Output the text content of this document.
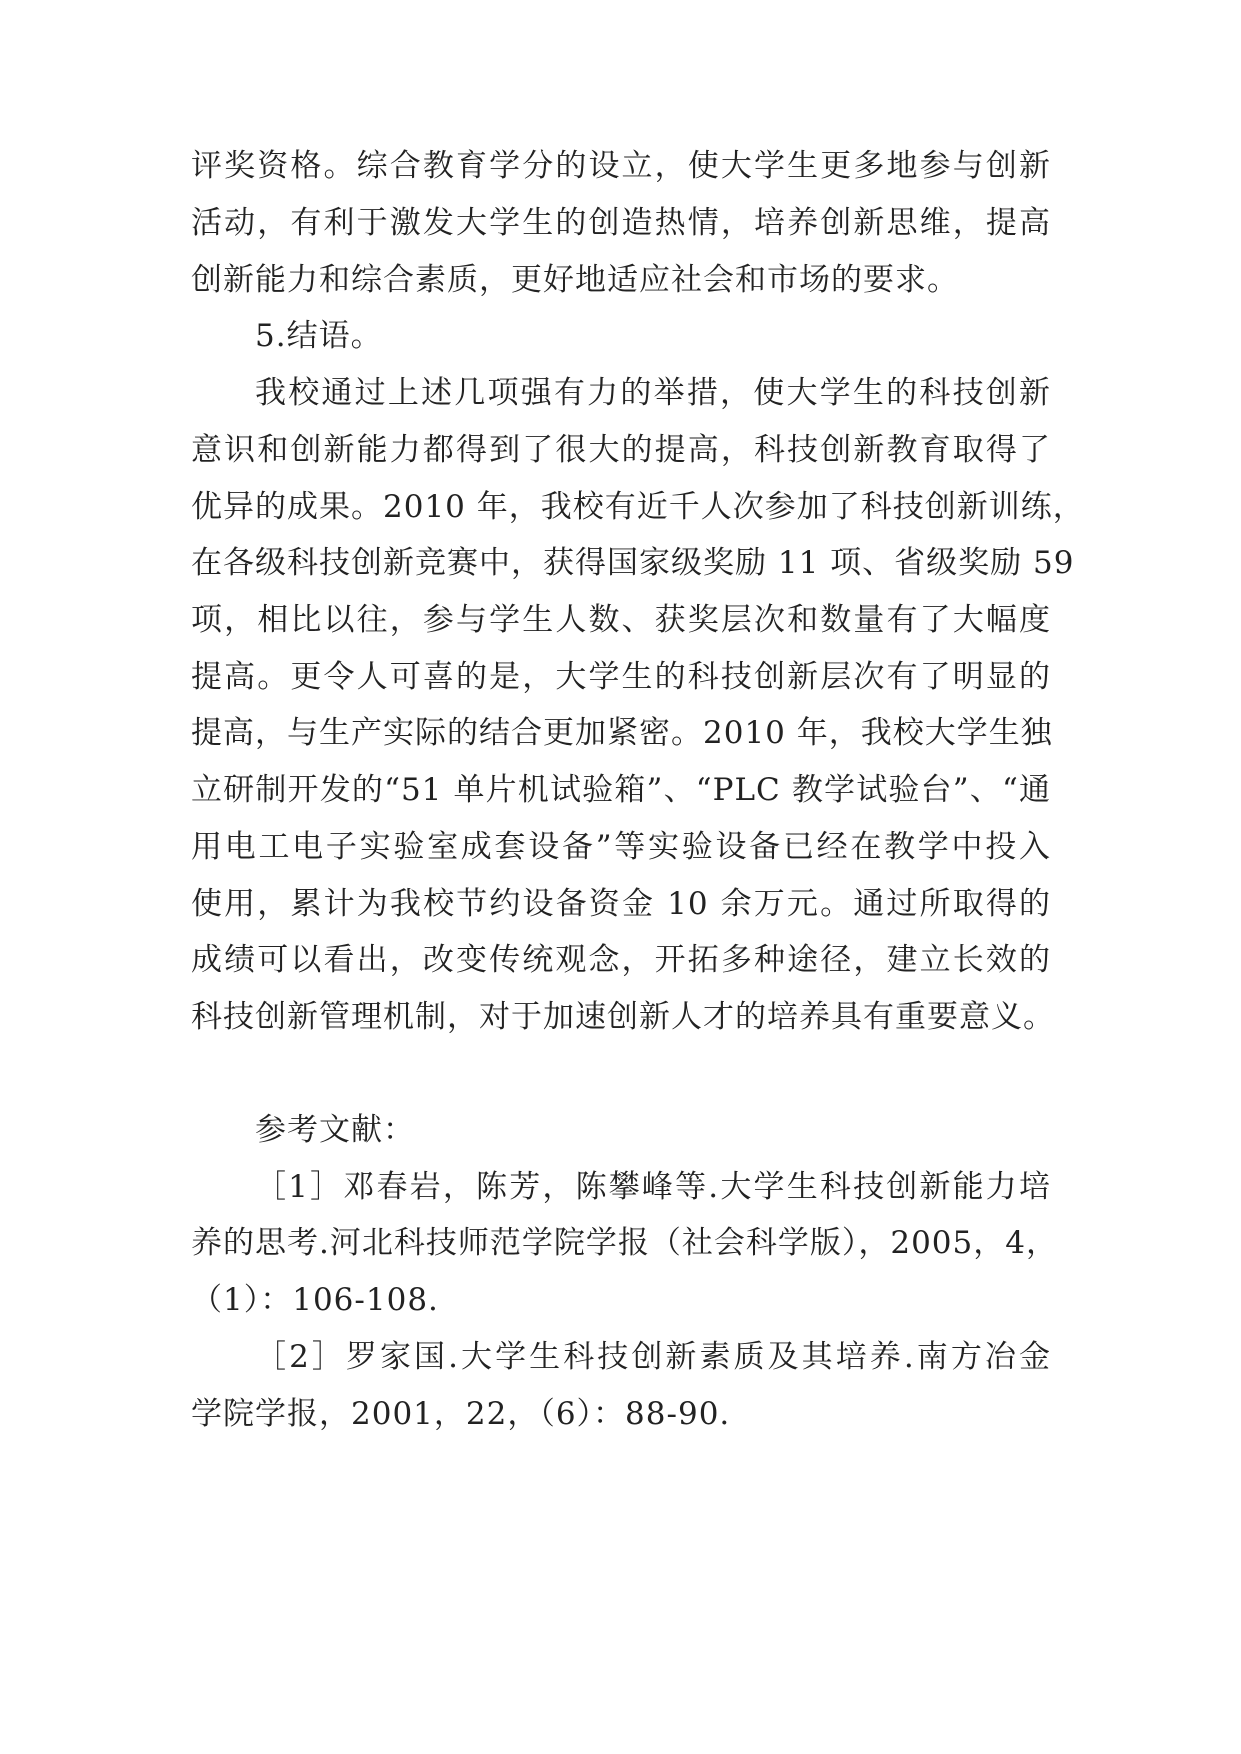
评奖资格。综合教育学分的设立，使大学生更多地参与创新
活动，有利于激发大学生的创造热情，培养创新思维，提高
创新能力和综合素质，更好地适应社会和市场的要求。
5.结语。
我校通过上述几项强有力的举措，使大学生的科技创新
意识和创新能力都得到了很大的提高，科技创新教育取得了
优异的成果。2010 年，我校有近千人次参加了科技创新训练，
在各级科技创新竞赛中，获得国家级奖励 11 项、省级奖励 59
项，相比以往，参与学生人数、获奖层次和数量有了大幅度
提高。更令人可喜的是，大学生的科技创新层次有了明显的
提高，与生产实际的结合更加紧密。2010 年，我校大学生独
立研制开发的“51 单片机试验箱”、“PLC 教学试验台”、“通
用电工电子实验室成套设备”等实验设备已经在教学中投入
使用，累计为我校节约设备资金 10 余万元。通过所取得的
成绩可以看出，改变传统观念，开拓多种途径，建立长效的
科技创新管理机制，对于加速创新人才的培养具有重要意义。
参考文献：
［1］邓春岩，陈芳，陈攀峰等.大学生科技创新能力培
养的思考.河北科技师范学院学报（社会科学版），2005，4，
（1）：106-108.
［2］罗家国.大学生科技创新素质及其培养.南方冶金
学院学报，2001，22，（6）：88-90.
